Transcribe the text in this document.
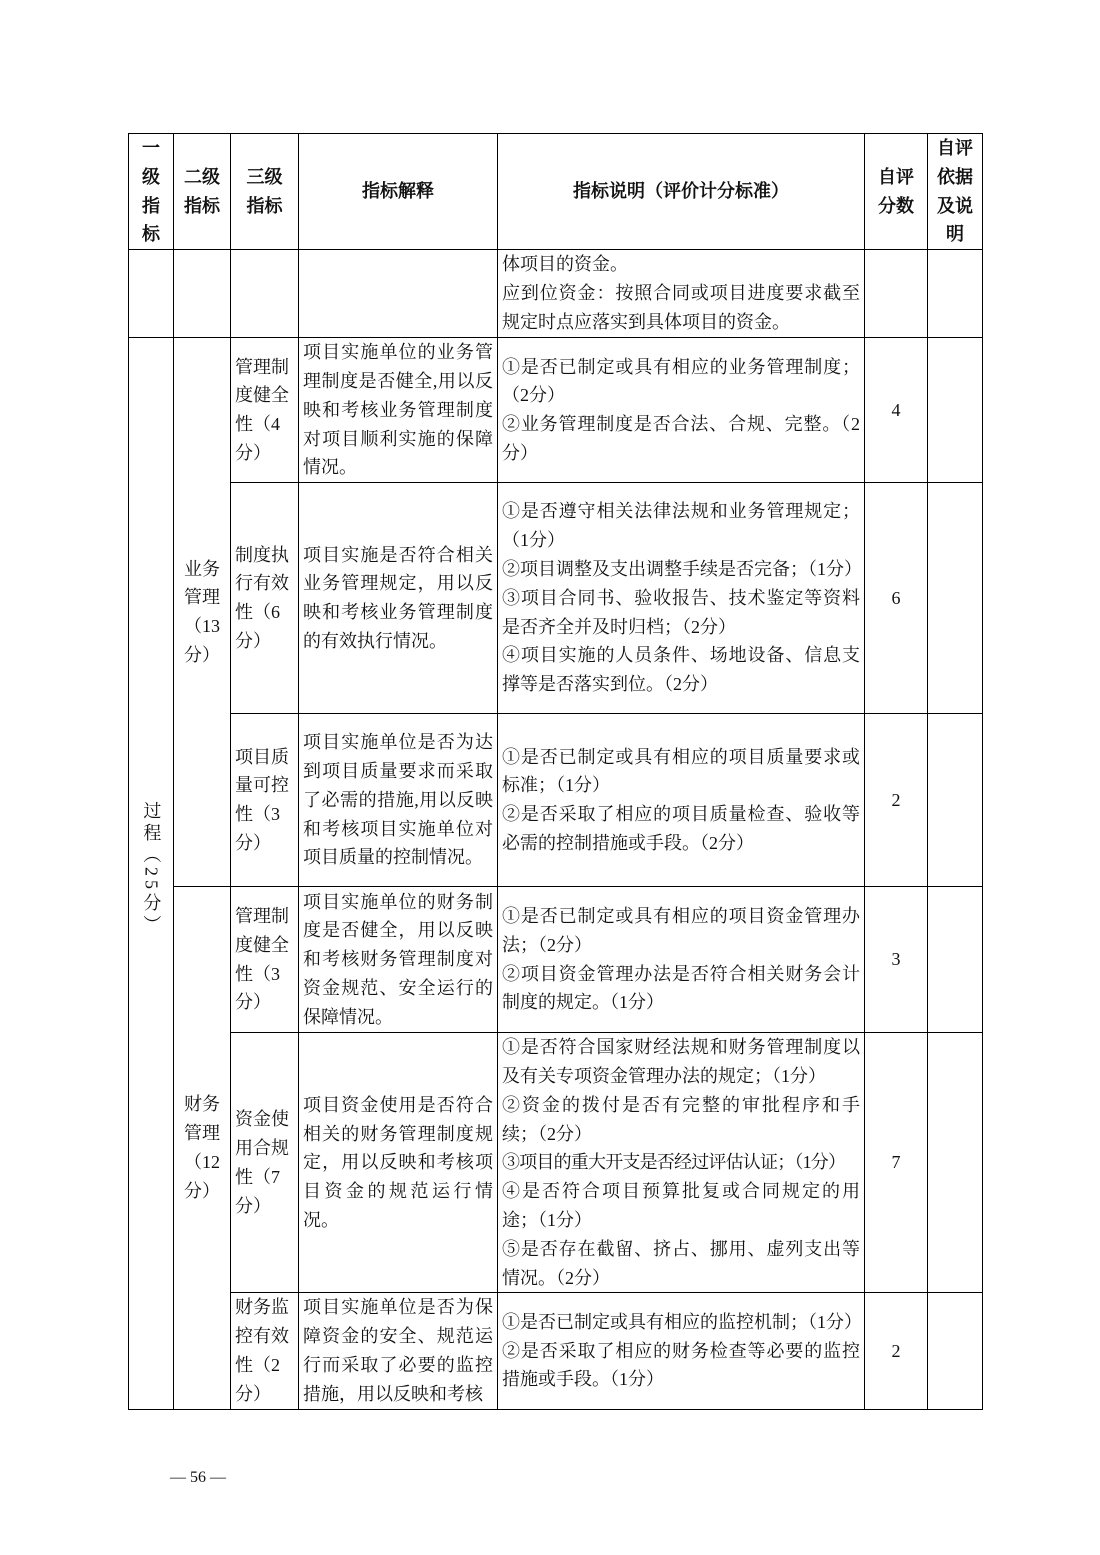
一级指标	二级指标	三级指标	指标解释	指标说明（评价计分标准）	自评分数	自评依据及说明

				体项目的资金。

应到位资金：按照合同或项目进度要求截至规定时点应落实到具体项目的资金。		

过程（25分）	业务管理（13分）	管理制度健全性（4分）	项目实施单位的业务管理制度是否健全,用以反映和考核业务管理制度对项目顺利实施的保障情况。	①是否已制定或具有相应的业务管理制度；（2分）

②业务管理制度是否合法、合规、完整。（2分）	4	
		制度执行有效性（6分）	项目实施是否符合相关业务管理规定，用以反映和考核业务管理制度的有效执行情况。	①是否遵守相关法律法规和业务管理规定；（1分）

②项目调整及支出调整手续是否完备；（1分）

③项目合同书、验收报告、技术鉴定等资料是否齐全并及时归档；（2分）

④项目实施的人员条件、场地设备、信息支撑等是否落实到位。（2分）	6	
		项目质量可控性（3分）	项目实施单位是否为达到项目质量要求而采取了必需的措施,用以反映和考核项目实施单位对项目质量的控制情况。	①是否已制定或具有相应的项目质量要求或标准；（1分）

②是否采取了相应的项目质量检查、验收等必需的控制措施或手段。（2分）	2	
	财务管理（12分）	管理制度健全性（3分）	项目实施单位的财务制度是否健全，用以反映和考核财务管理制度对资金规范、安全运行的保障情况。	①是否已制定或具有相应的项目资金管理办法；（2分）

②项目资金管理办法是否符合相关财务会计制度的规定。（1分）	3	
		资金使用合规性（7分）	项目资金使用是否符合相关的财务管理制度规定，用以反映和考核项目资金的规范运行情况。	①是否符合国家财经法规和财务管理制度以及有关专项资金管理办法的规定；（1分）

②资金的拨付是否有完整的审批程序和手续；（2分）

③项目的重大开支是否经过评估认证；（1分）

④是否符合项目预算批复或合同规定的用途；（1分）

⑤是否存在截留、挤占、挪用、虚列支出等情况。（2分）	7	
		财务监控有效性（2分）	项目实施单位是否为保障资金的安全、规范运行而采取了必要的监控措施，用以反映和考核	①是否已制定或具有相应的监控机制；（1分）

②是否采取了相应的财务检查等必要的监控措施或手段。（1分）	2	
— 56 —
